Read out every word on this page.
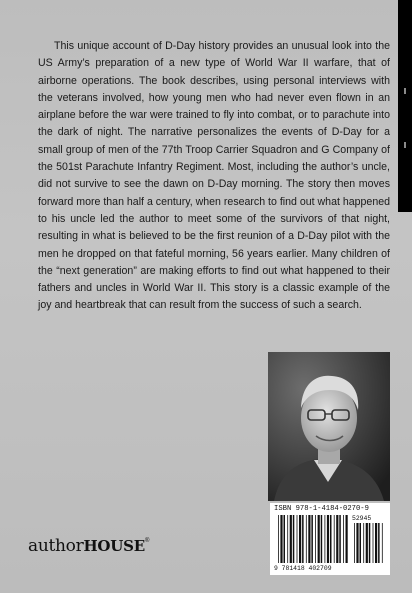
This unique account of D-Day history provides an unusual look into the US Army’s preparation of a new type of World War II warfare, that of airborne operations. The book describes, using personal interviews with the veterans involved, how young men who had never even flown in an airplane before the war were trained to fly into combat, or to parachute into the dark of night. The narrative personalizes the events of D-Day for a small group of men of the 77th Troop Carrier Squadron and G Company of the 501st Parachute Infantry Regiment. Most, including the author’s uncle, did not survive to see the dawn on D-Day morning. The story then moves forward more than half a century, when research to find out what happened to his uncle led the author to meet some of the survivors of that night, resulting in what is believed to be the first reunion of a D-Day pilot with the men he dropped on that fateful morning, 56 years earlier. Many children of the “next generation” are making efforts to find out what happened to their fathers and uncles in World War II. This story is a classic example of the joy and heartbreak that can result from the success of such a search.

ISBN 978-1-4184-0270-9

52945

9 781418 402709

authorHOUSE®
